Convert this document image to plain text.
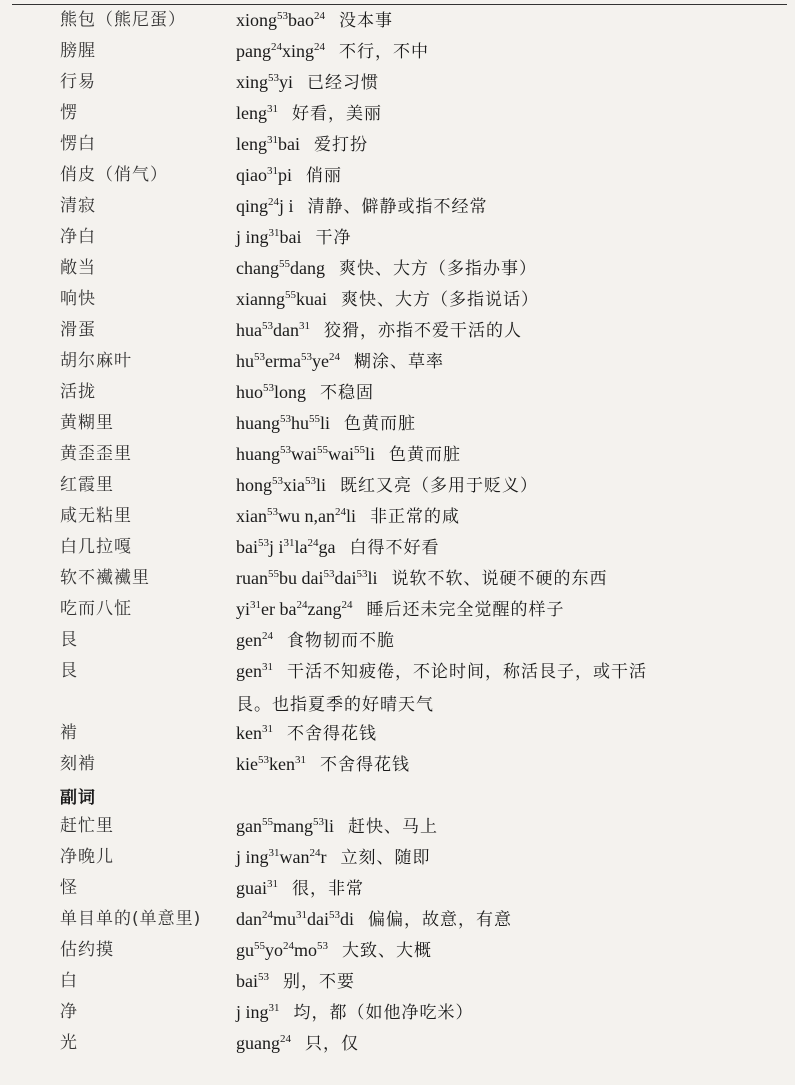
熊包（熊尼蛋）	xiong$^{53}$bao$^{24}$ 没本事
膀腥	pang$^{24}$xing$^{24}$ 不行，不中
行易	xing$^{53}$yi 已经习惯
愣	leng$^{31}$ 好看，美丽
愣白	leng$^{31}$bai 爱打扮
俏皮（俏气）	qiao$^{31}$pi 俏丽
清寂	qing$^{24}$j i 清静、僻静或指不经常
净白	j ing$^{31}$bai 干净
敞当	chang$^{55}$dang 爽快、大方（多指办事）
响快	xianng$^{55}$kuai 爽快、大方（多指说话）
滑蛋	hua$^{53}$dan$^{31}$ 狡猾，亦指不爱干活的人
胡尔麻叶	$hu^{53}erma^{53}ye^{24}$ 糊涂、草率
活拢	huo$^{53}$long 不稳固
黄糊里	$huang^{53}hu^{55}li$ 色黄而脏
黄歪歪里	huang$^{53}$wai$^{55}$wai$^{55}$li 色黄而脏
红霞里	hong$^{53}$xia$^{53}$li 既红又亮（多用于贬义）
咸无粘里	xian$^{53}$wu $n,an^{24}li$ 非正常的咸
白几拉嘎	bai$^{53}$j $i^{31}la^{24}ga$ 白得不好看
软不襶襶里	ruan$^{55}$bu dai$^{53}$dai$^{53}$li 说软不软、说硬不硬的东西
吃而八怔	$yi^{31}er$ $ba^{24}zang^{24}$ 睡后还未完全觉醒的样子
艮	gen$^{24}$ 食物韧而不脆
艮	gen$^{31}$ 干活不知疲倦，不论时间，称活艮子，或干活
艮。也指夏季的好晴天气
褃	ken$^{31}$ 不舍得花钱
刻褃	kie$^{53}$ken$^{31}$ 不舍得花钱
副词
赶忙里	gan$^{55}$mang$^{53}$li 赶快、马上
净晚儿	j ing$^{31}$wan$^{24}$r 立刻、随即
怪	guai$^{31}$ 很，非常
单目单的(单意里) $dan^{24}mu^{31}dai^{53}di$ 偏偏，故意，有意
估约摸	$gu^{55}yo^{24}mo^{53}$ 大致、大概
白	bai$^{53}$ 别，不要
净	j ing$^{31}$ 均，都（如他净吃米）
光	guang$^{24}$ 只，仅
